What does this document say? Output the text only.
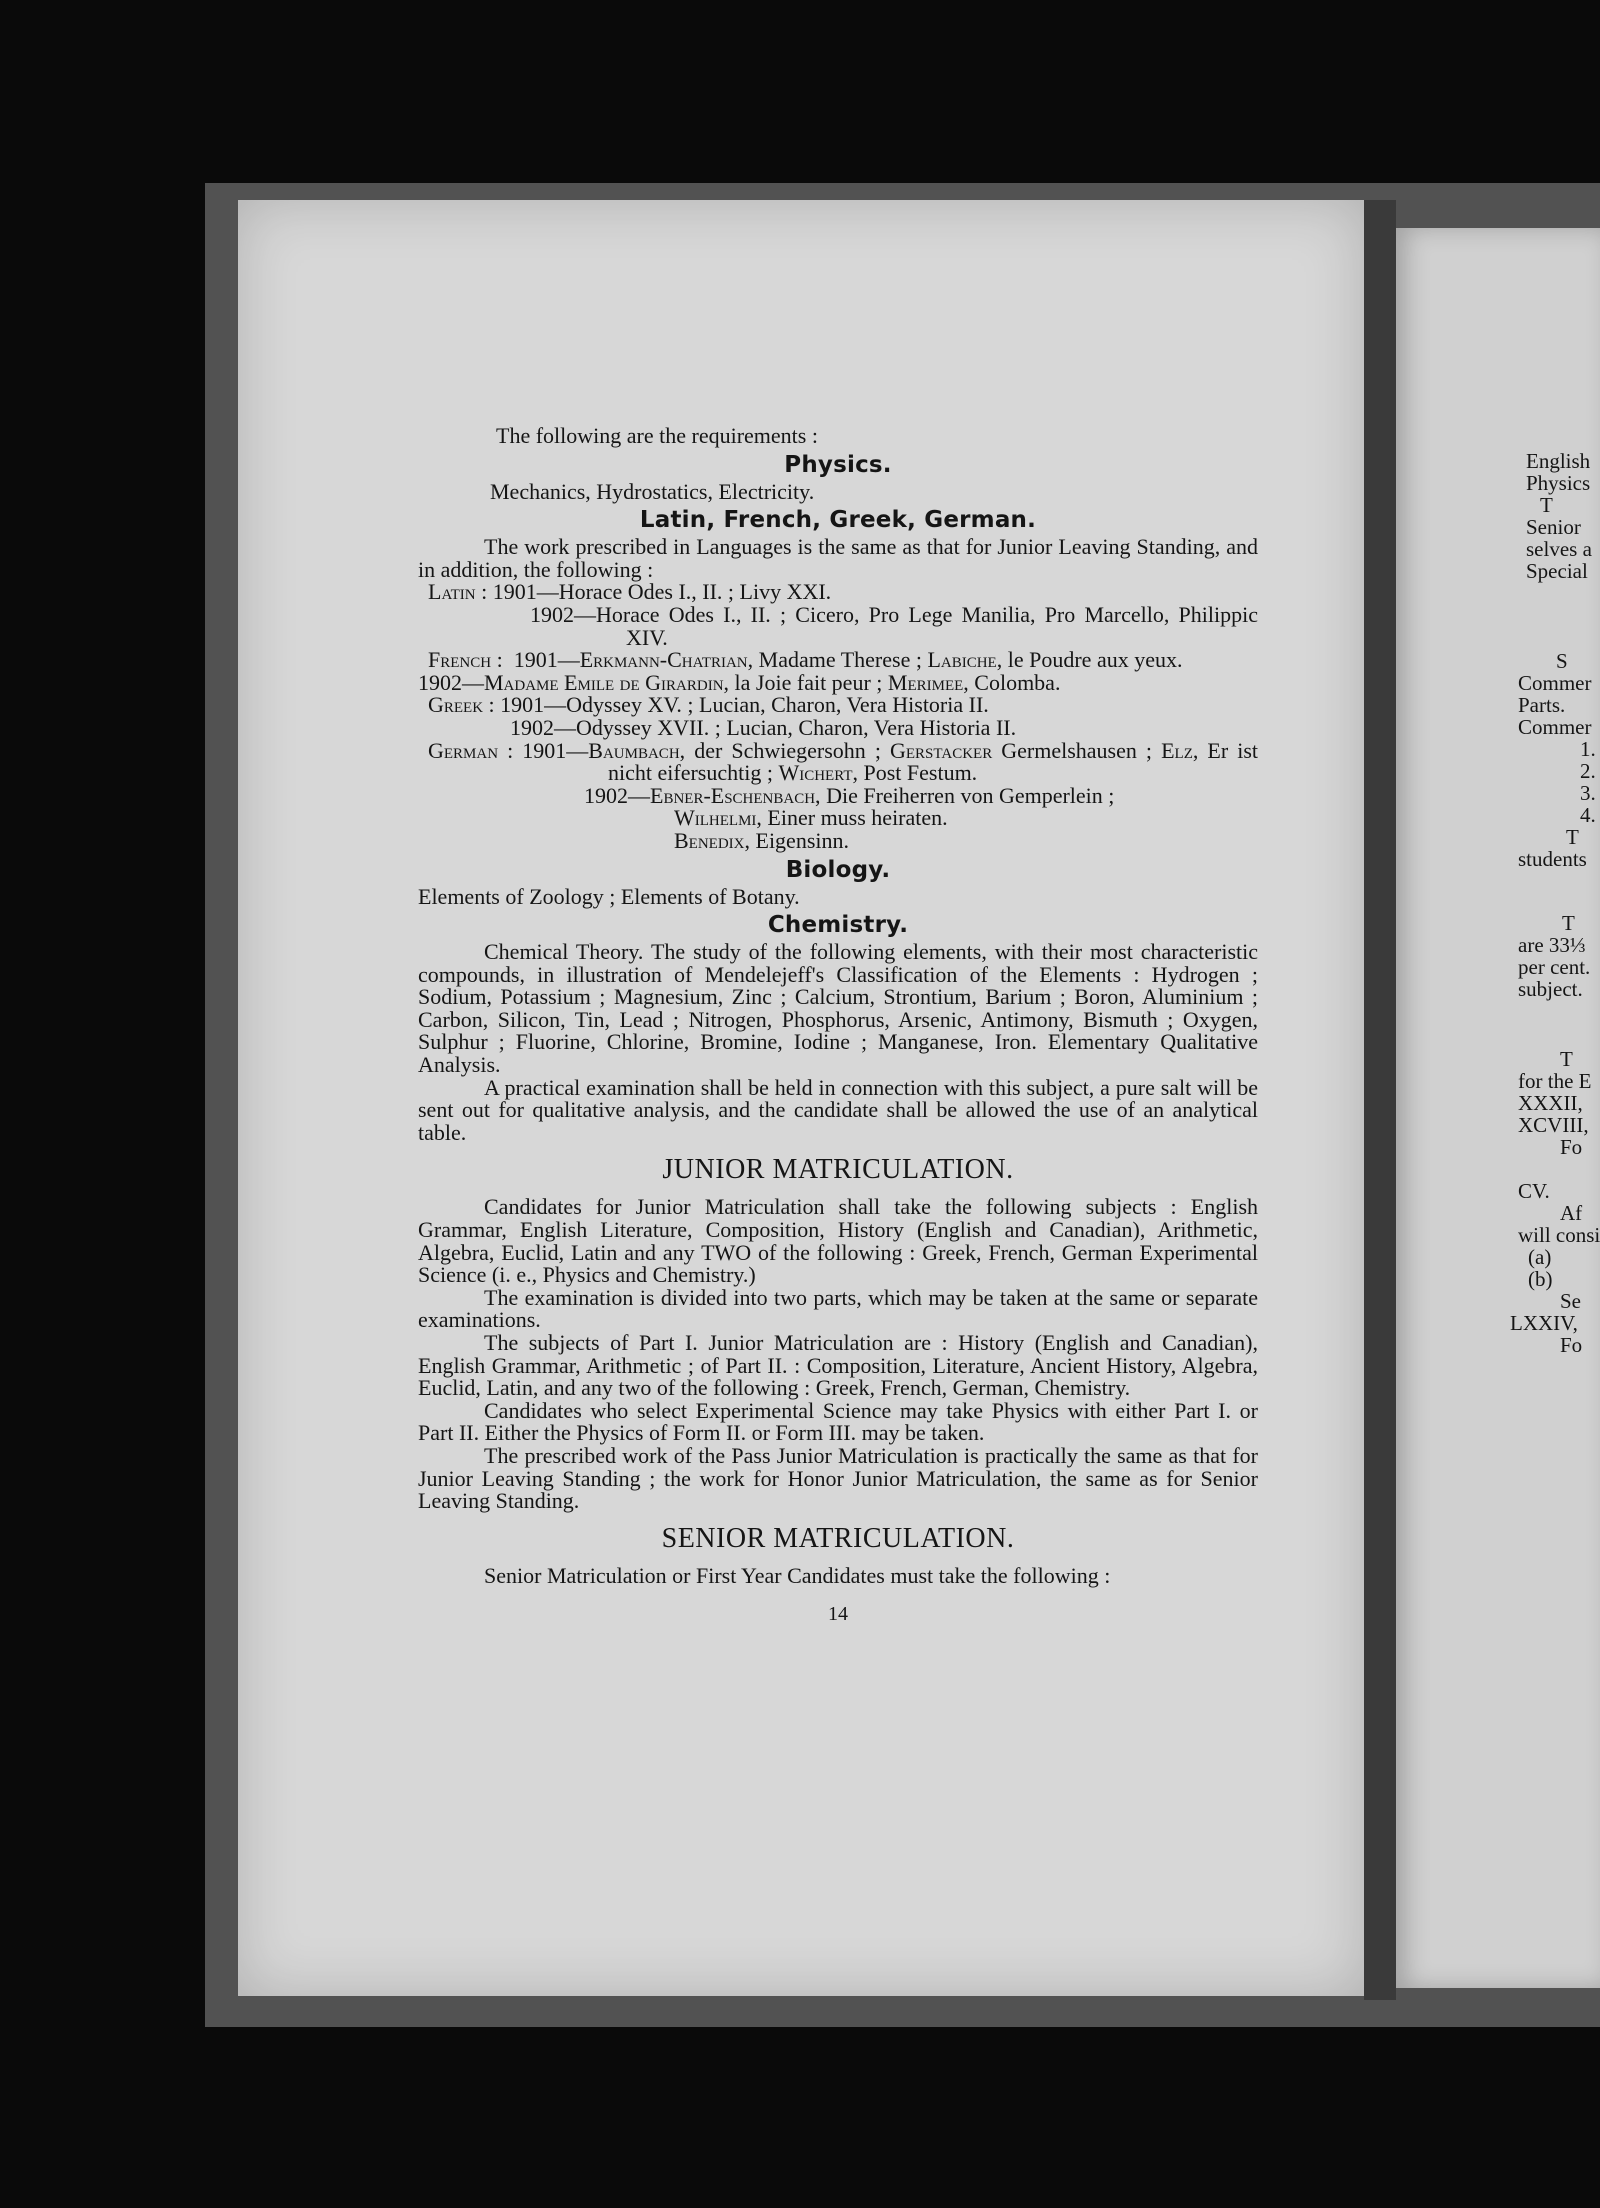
The following are the requirements :

Physics.

Mechanics, Hydrostatics, Electricity.

Latin, French, Greek, German.

The work prescribed in Languages is the same as that for Junior Leaving Standing, and in addition, the following :

Latin : 1901—Horace Odes I., II. ; Livy XXI.

1902—Horace Odes I., II. ; Cicero, Pro Lege Manilia, Pro Marcello, Philippic XIV.

French : 1901—Erkmann-Chatrian, Madame Therese ; Labiche, le Poudre aux yeux.

1902—Madame Emile de Girardin, la Joie fait peur ; Merimee, Colomba.

Greek : 1901—Odyssey XV. ; Lucian, Charon, Vera Historia II.

1902—Odyssey XVII. ; Lucian, Charon, Vera Historia II.

German : 1901—Baumbach, der Schwiegersohn ; Gerstacker Germelshausen ; Elz, Er ist nicht eifersuchtig ; Wichert, Post Festum.

1902—Ebner-Eschenbach, Die Freiherren von Gemperlein ;

Wilhelmi, Einer muss heiraten.

Benedix, Eigensinn.

Biology.

Elements of Zoology ; Elements of Botany.

Chemistry.

Chemical Theory. The study of the following elements, with their most characteristic compounds, in illustration of Mendelejeff's Classification of the Elements : Hydrogen ; Sodium, Potassium ; Magnesium, Zinc ; Calcium, Strontium, Barium ; Boron, Aluminium ; Carbon, Silicon, Tin, Lead ; Nitrogen, Phosphorus, Arsenic, Antimony, Bismuth ; Oxygen, Sulphur ; Fluorine, Chlorine, Bromine, Iodine ; Manganese, Iron. Elementary Qualitative Analysis.

A practical examination shall be held in connection with this subject, a pure salt will be sent out for qualitative analysis, and the candidate shall be allowed the use of an analytical table.

JUNIOR MATRICULATION.

Candidates for Junior Matriculation shall take the following subjects : English Grammar, English Literature, Composition, History (English and Canadian), Arithmetic, Algebra, Euclid, Latin and any TWO of the following : Greek, French, German Experimental Science (i. e., Physics and Chemistry.)

The examination is divided into two parts, which may be taken at the same or separate examinations.

The subjects of Part I. Junior Matriculation are : History (English and Canadian), English Grammar, Arithmetic ; of Part II. : Composition, Literature, Ancient History, Algebra, Euclid, Latin, and any two of the following : Greek, French, German, Chemistry.

Candidates who select Experimental Science may take Physics with either Part I. or Part II. Either the Physics of Form II. or Form III. may be taken.

The prescribed work of the Pass Junior Matriculation is practically the same as that for Junior Leaving Standing ; the work for Honor Junior Matriculation, the same as for Senior Leaving Standing.

SENIOR MATRICULATION.

Senior Matriculation or First Year Candidates must take the following :

14
English
Physics
T
Senior
selves a
Special
S
Commer
Parts.
Commer
1.
2.
3.
4.
T
students
T
are 33⅓
per cent.
subject.
T
for the E
XXXII,
XCVIII,
Fo
CV.
Af
will consi
(a)
(b)
Se
LXXIV,
Fo
